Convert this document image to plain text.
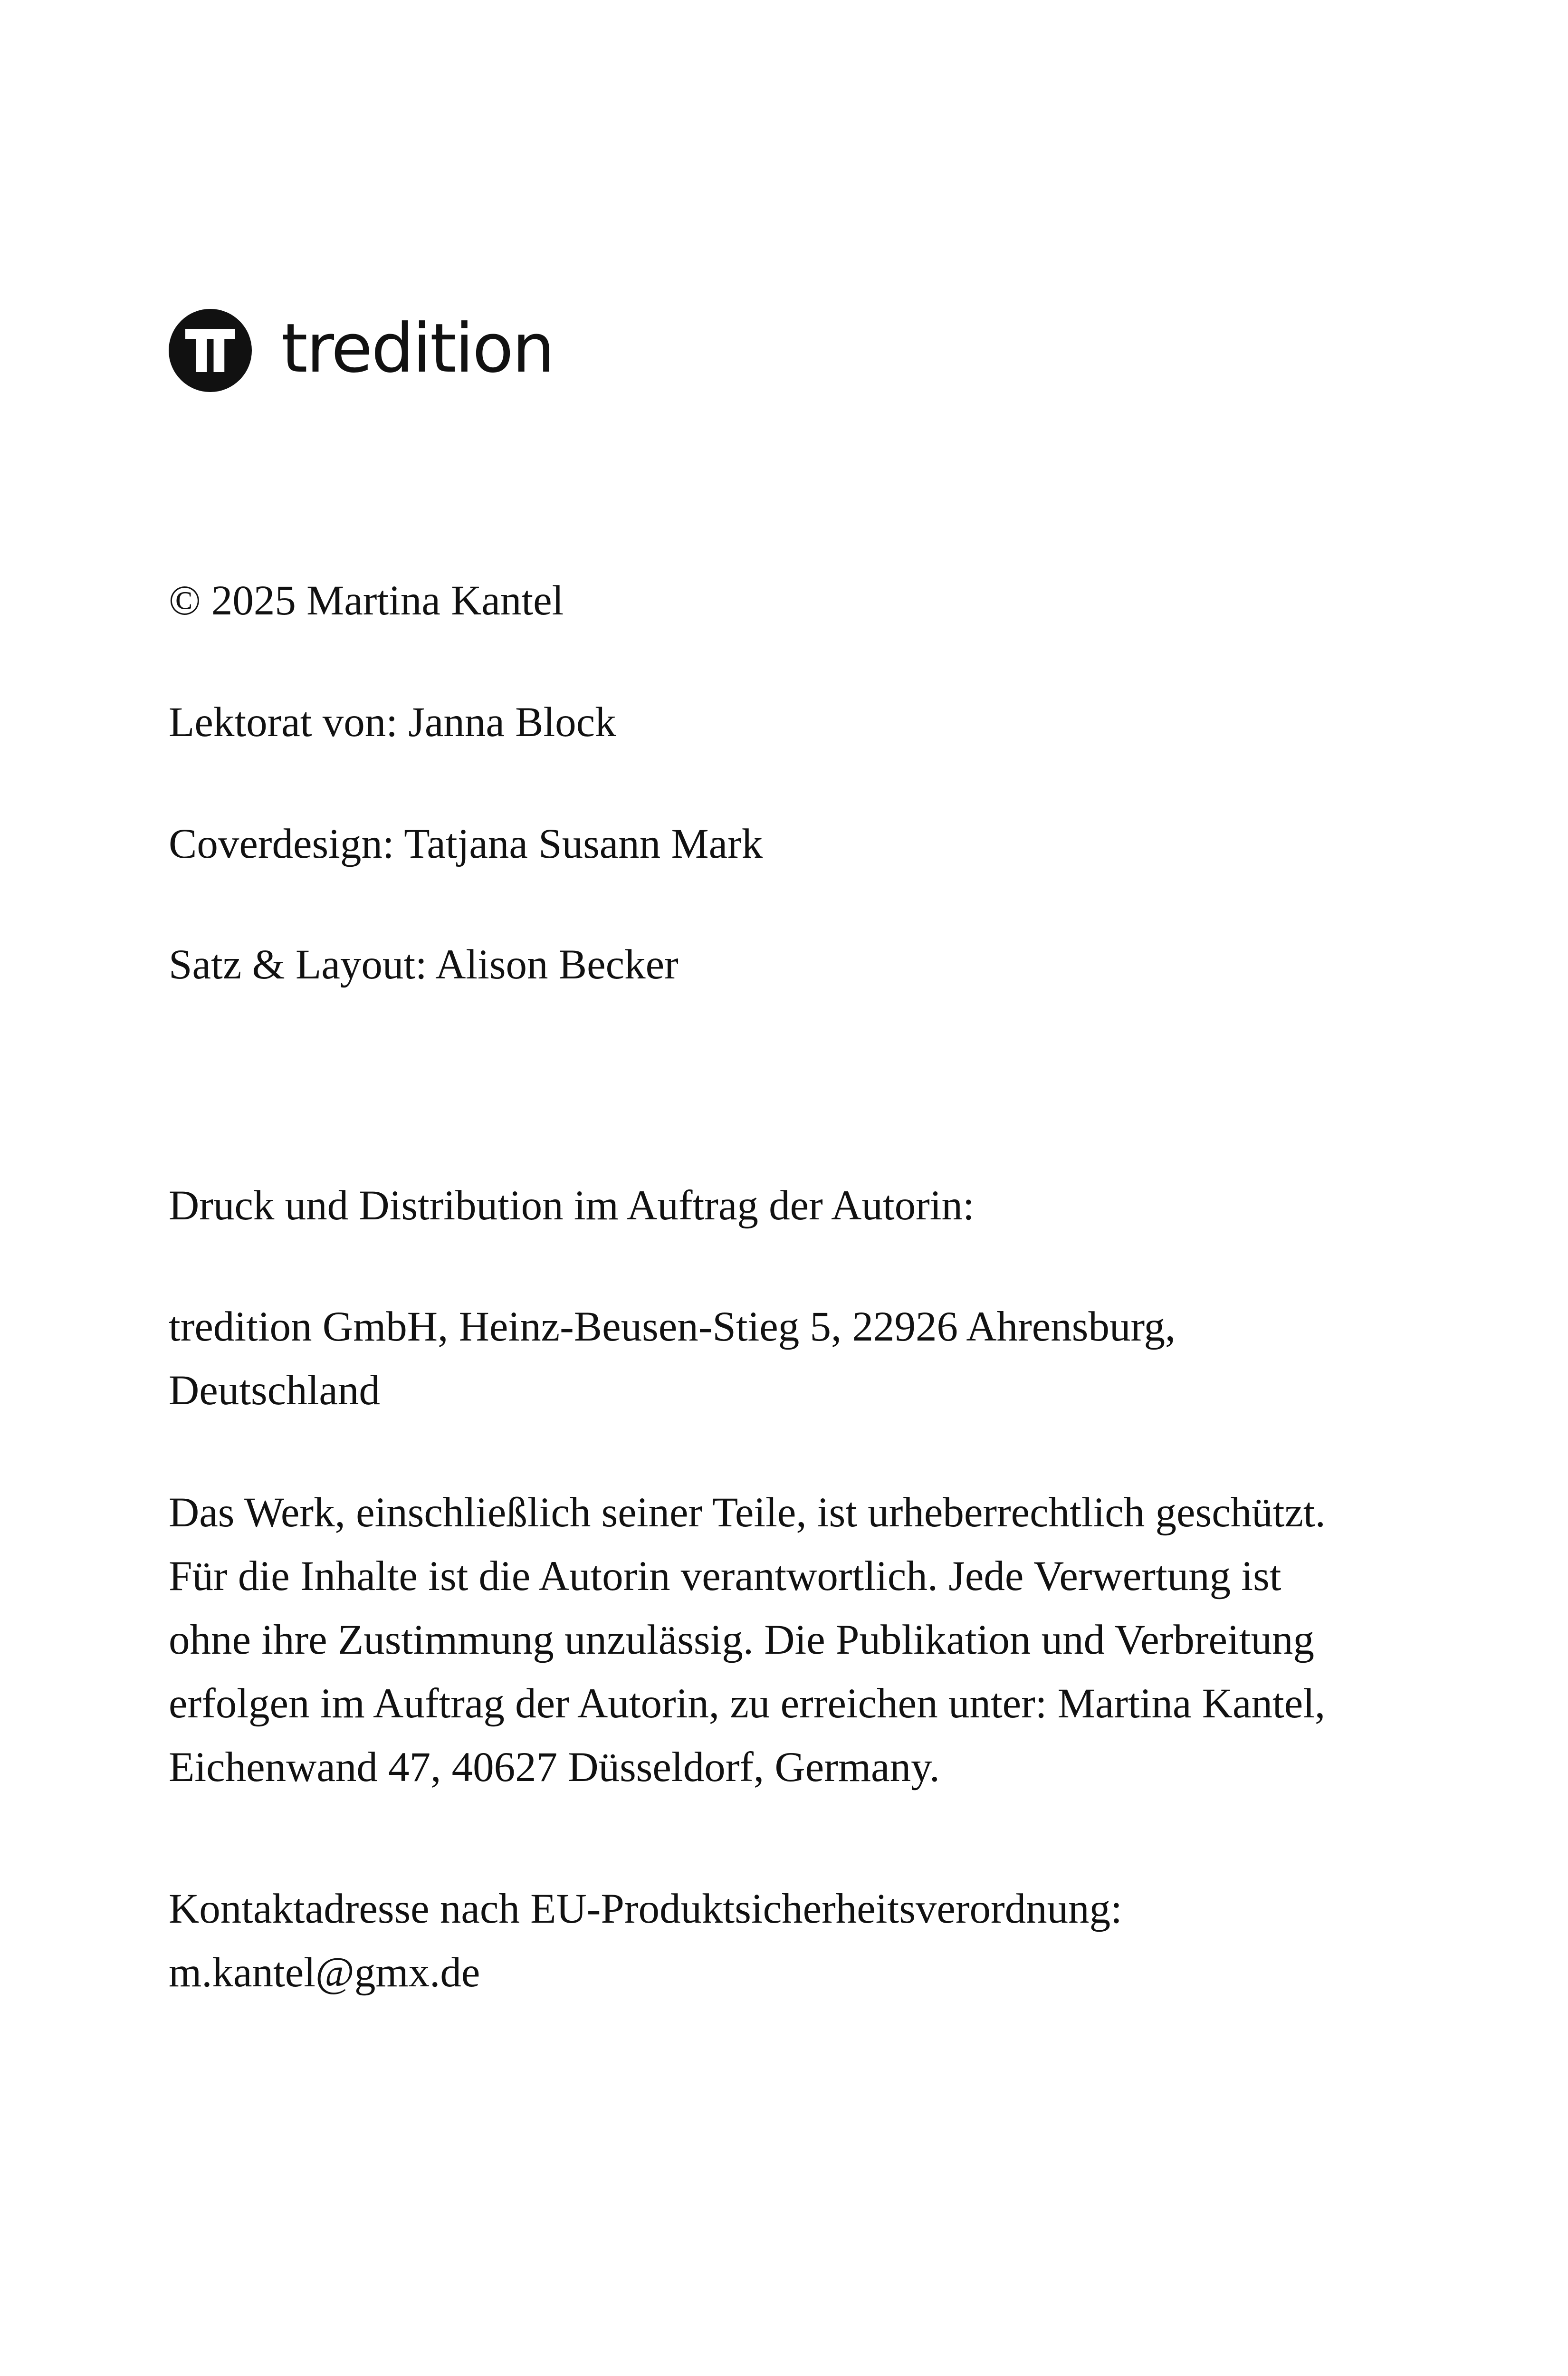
tredition

© 2025 Martina Kantel

Lektorat von: Janna Block

Coverdesign: Tatjana Susann Mark

Satz & Layout: Alison Becker

Druck und Distribution im Auftrag der Autorin:

tredition GmbH, Heinz-Beusen-Stieg 5, 22926 Ahrensburg,
Deutschland
Das Werk, einschließlich seiner Teile, ist urheberrechtlich geschützt.
Für die Inhalte ist die Autorin verantwortlich. Jede Verwertung ist
ohne ihre Zustimmung unzulässig. Die Publikation und Verbreitung
erfolgen im Auftrag der Autorin, zu erreichen unter: Martina Kantel,
Eichenwand 47, 40627 Düsseldorf, Germany.
Kontaktadresse nach EU-Produktsicherheitsverordnung:
m.kantel@gmx.de
